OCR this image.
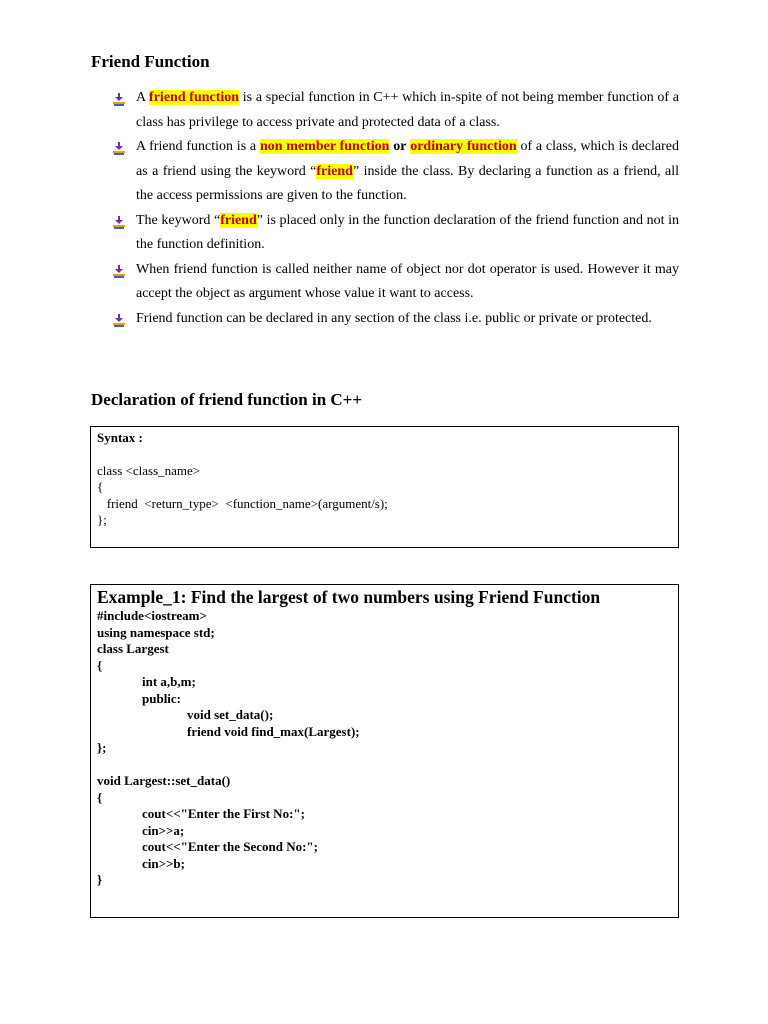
Friend Function
A friend function is a special function in C++ which in-spite of not being member function of a class has privilege to access private and protected data of a class.
A friend function is a non member function or ordinary function of a class, which is declared as a friend using the keyword “friend” inside the class. By declaring a function as a friend, all the access permissions are given to the function.
The keyword “friend” is placed only in the function declaration of the friend function and not in the function definition.
When friend function is called neither name of object nor dot operator is used. However it may accept the object as argument whose value it want to access.
Friend function can be declared in any section of the class i.e. public or private or protected.
Declaration of friend function in C++
Syntax :
class <class_name>
{
friend  <return_type>  <function_name>(argument/s);
};
Example_1: Find the largest of two numbers using Friend Function
#include<iostream>
using namespace std;
class Largest
{
int a,b,m;
public:
void set_data();
friend void find_max(Largest);
};
void Largest::set_data()
{
cout<<"Enter the First No:";
cin>>a;
cout<<"Enter the Second No:";
cin>>b;
}
